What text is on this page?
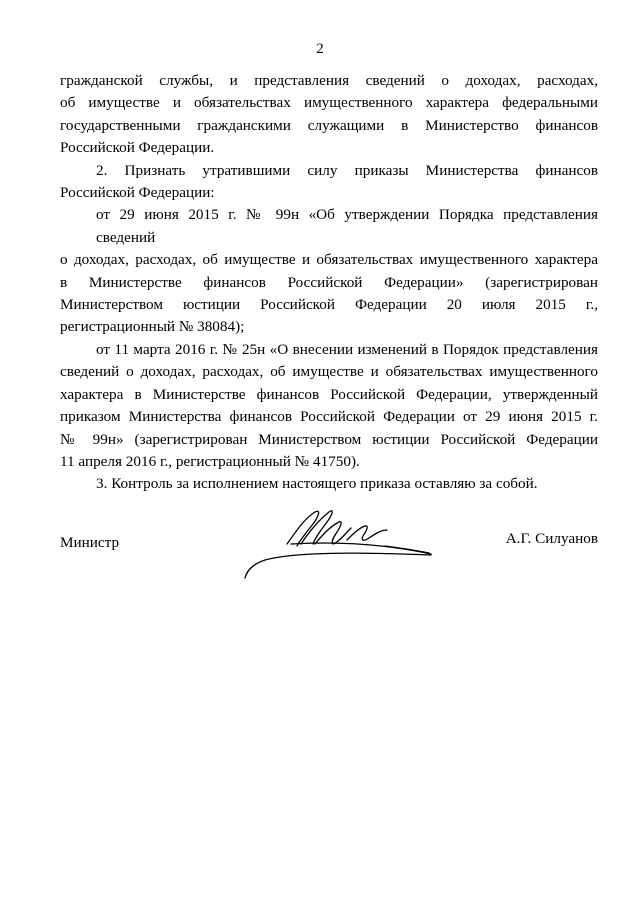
2

гражданской службы, и представления сведений о доходах, расходах,
об имуществе и обязательствах имущественного характера федеральными
государственными гражданскими служащими в Министерство финансов
Российской Федерации.

2. Признать утратившими силу приказы Министерства финансов
Российской Федерации:

от 29 июня 2015 г. № 99н «Об утверждении Порядка представления сведений
о доходах, расходах, об имуществе и обязательствах имущественного характера
в Министерстве финансов Российской Федерации» (зарегистрирован
Министерством юстиции Российской Федерации 20 июля 2015 г.,
регистрационный № 38084);

от 11 марта 2016 г. № 25н «О внесении изменений в Порядок представления
сведений о доходах, расходах, об имуществе и обязательствах имущественного
характера в Министерстве финансов Российской Федерации, утвержденный
приказом Министерства финансов Российской Федерации от 29 июня 2015 г.
№ 99н» (зарегистрирован Министерством юстиции Российской Федерации
11 апреля 2016 г., регистрационный № 41750).

3. Контроль за исполнением настоящего приказа оставляю за собой.

Министр	А.Г. Силуанов
